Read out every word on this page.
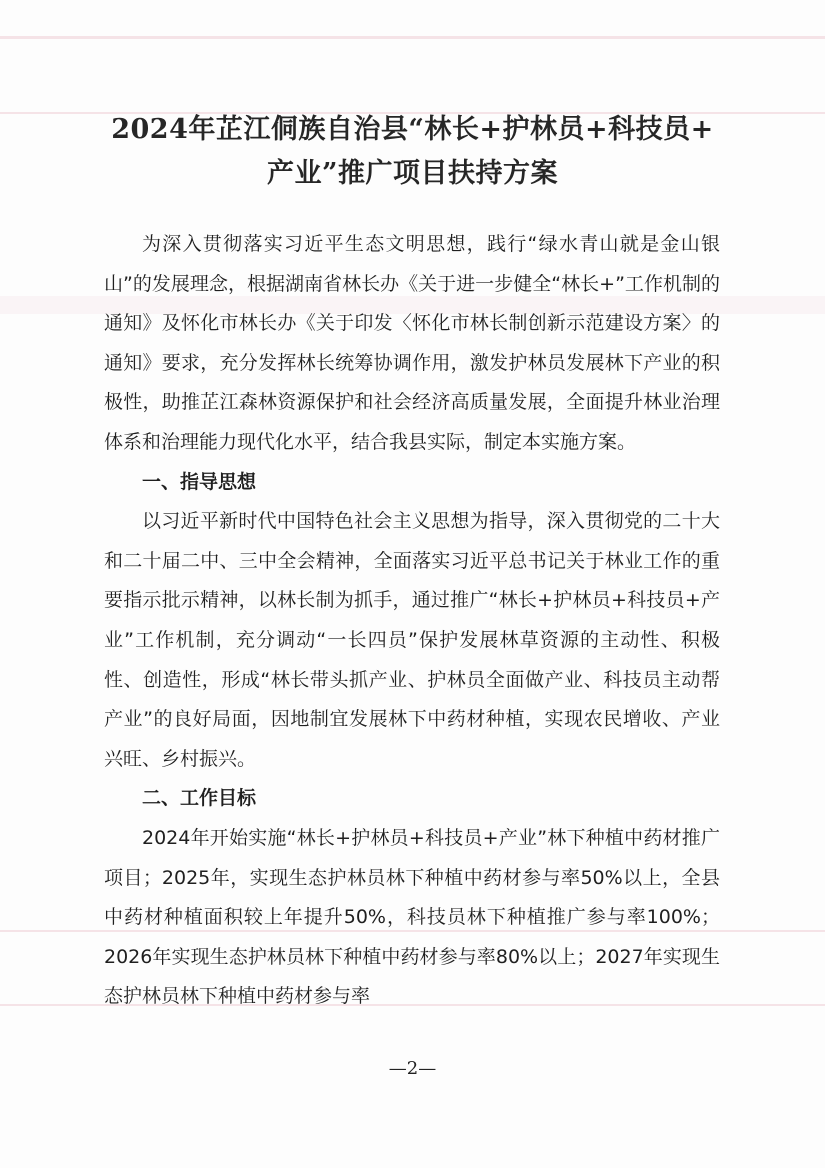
2024年芷江侗族自治县“林长+护林员+科技员+
产业”推广项目扶持方案

为深入贯彻落实习近平生态文明思想，践行“绿水青山就是金山银山”的发展理念，根据湖南省林长办《关于进一步健全“林长+”工作机制的通知》及怀化市林长办《关于印发〈怀化市林长制创新示范建设方案〉的通知》要求，充分发挥林长统筹协调作用，激发护林员发展林下产业的积极性，助推芷江森林资源保护和社会经济高质量发展，全面提升林业治理体系和治理能力现代化水平，结合我县实际，制定本实施方案。

一、指导思想

以习近平新时代中国特色社会主义思想为指导，深入贯彻党的二十大和二十届二中、三中全会精神，全面落实习近平总书记关于林业工作的重要指示批示精神，以林长制为抓手，通过推广“林长+护林员+科技员+产业”工作机制，充分调动“一长四员”保护发展林草资源的主动性、积极性、创造性，形成“林长带头抓产业、护林员全面做产业、科技员主动帮产业”的良好局面，因地制宜发展林下中药材种植，实现农民增收、产业兴旺、乡村振兴。

二、工作目标

2024年开始实施“林长+护林员+科技员+产业”林下种植中药材推广项目；2025年，实现生态护林员林下种植中药材参与率50%以上，全县中药材种植面积较上年提升50%，科技员林下种植推广参与率100%；2026年实现生态护林员林下种植中药材参与率80%以上；2027年实现生态护林员林下种植中药材参与率

—2—
